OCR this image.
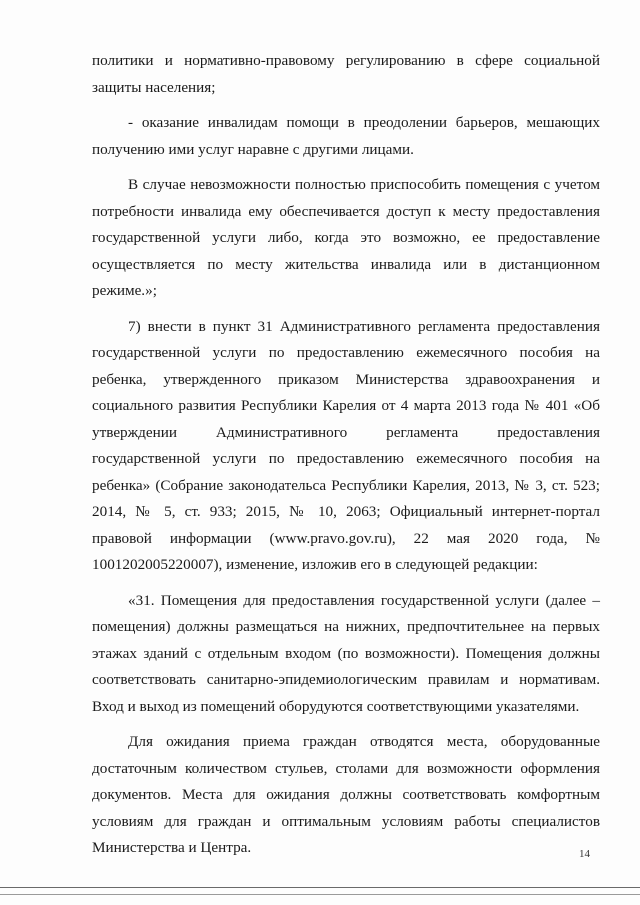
политики и нормативно-правовому регулированию в сфере социальной защиты населения;

- оказание инвалидам помощи в преодолении барьеров, мешающих получению ими услуг наравне с другими лицами.

В случае невозможности полностью приспособить помещения с учетом потребности инвалида ему обеспечивается доступ к месту предоставления государственной услуги либо, когда это возможно, ее предоставление осуществляется по месту жительства инвалида или в дистанционном режиме.»;

7) внести в пункт 31 Административного регламента предоставления государственной услуги по предоставлению ежемесячного пособия на ребенка, утвержденного приказом Министерства здравоохранения и социального развития Республики Карелия от 4 марта 2013 года № 401 «Об утверждении Административного регламента предоставления государственной услуги по предоставлению ежемесячного пособия на ребенка» (Собрание законодательса Республики Карелия, 2013, № 3, ст. 523; 2014, № 5, ст. 933; 2015, № 10, 2063; Официальный интернет-портал правовой информации (www.pravo.gov.ru), 22 мая 2020 года, № 1001202005220007), изменение, изложив его в следующей редакции:

«31. Помещения для предоставления государственной услуги (далее – помещения) должны размещаться на нижних, предпочтительнее на первых этажах зданий с отдельным входом (по возможности). Помещения должны соответствовать санитарно-эпидемиологическим правилам и нормативам. Вход и выход из помещений оборудуются соответствующими указателями.

Для ожидания приема граждан отводятся места, оборудованные достаточным количеством стульев, столами для возможности оформления документов. Места для ожидания должны соответствовать комфортным условиям для граждан и оптимальным условиям работы специалистов Министерства и Центра.	14
